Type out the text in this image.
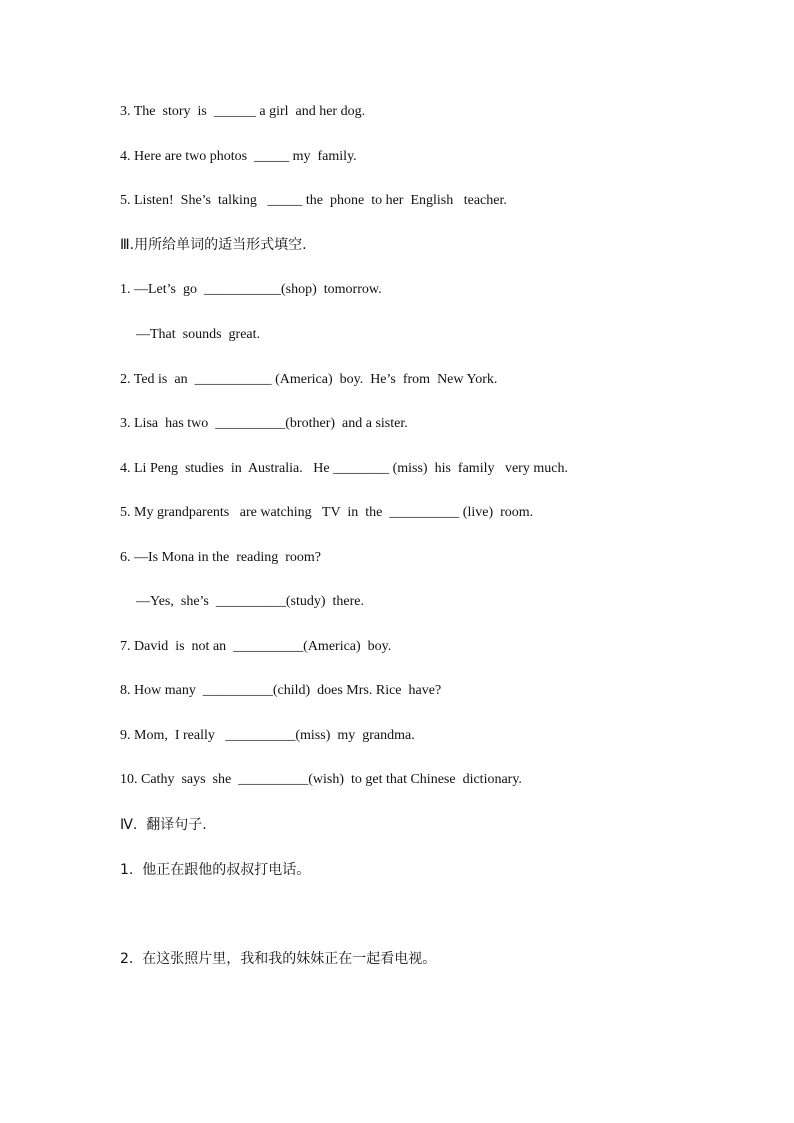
3. The  story  is  ______ a girl  and her dog.
4. Here are two photos  _____ my  family.
5. Listen!  She’s  talking   _____ the  phone  to her  English   teacher.
Ⅲ.用所给单词的适当形式填空.
1. —Let’s  go  ___________(shop)  tomorrow.
—That  sounds  great.
2. Ted is  an  ___________ (America)  boy.  He’s  from  New York.
3. Lisa  has two  __________(brother)  and a sister.
4. Li Peng  studies  in  Australia.   He ________ (miss)  his  family   very much.
5. My grandparents   are watching   TV  in  the  __________ (live)  room.
6. —Is Mona in the  reading  room?
—Yes,  she’s  __________(study)  there.
7. David  is  not an  __________(America)  boy.
8. How many  __________(child)  does Mrs. Rice  have?
9. Mom,  I really   __________(miss)  my  grandma.
10. Cathy  says  she  __________(wish)  to get that Chinese  dictionary.
Ⅳ.  翻译句子.
1.  他正在跟他的叔叔打电话。
2.  在这张照片里，我和我的妹妹正在一起看电视。
